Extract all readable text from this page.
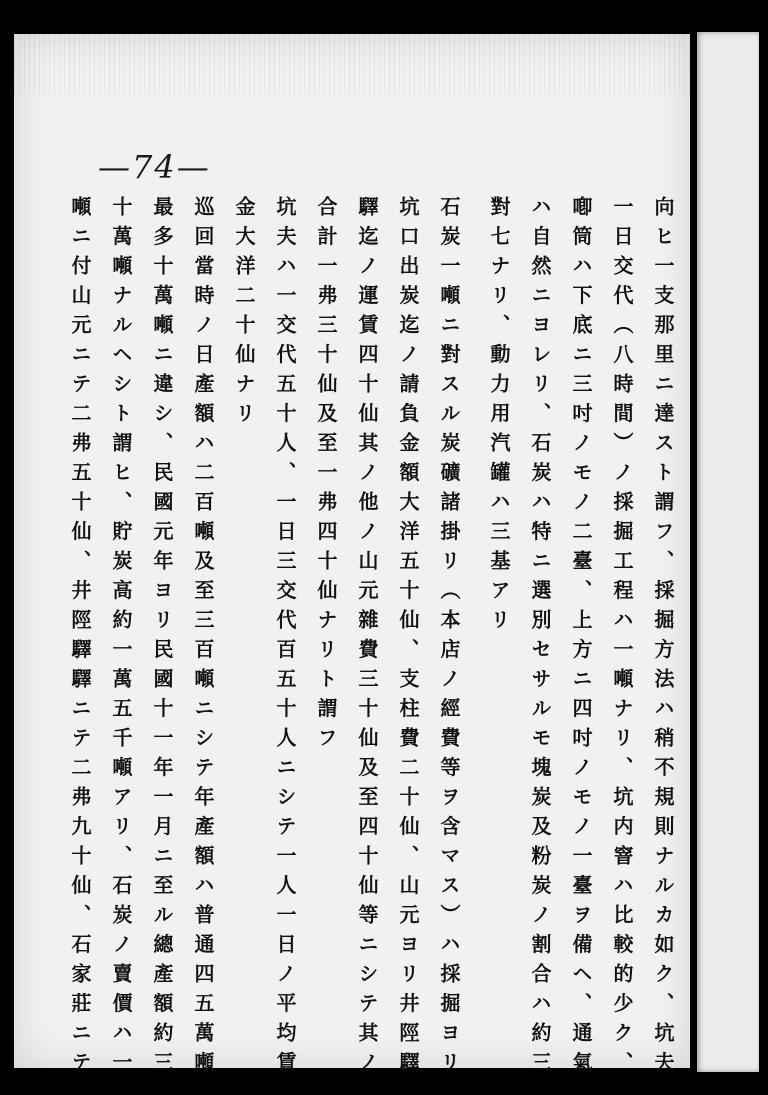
—74—
向ヒ一支那里ニ達スト謂フ、採掘方法ハ稍不規則ナルカ如ク、坑夫
一日交代（八時間）ノ採掘工程ハ一噸ナリ、坑内窨ハ比較的少ク、
喞筒ハ下底ニ三吋ノモノ二臺、上方ニ四吋ノモノ一臺ヲ備ヘ、通氣
ハ自然ニヨレリ、石炭ハ特ニ選別セサルモ塊炭及粉炭ノ割合ハ約三
對七ナリ、動力用汽罐ハ三基アリ
石炭一噸ニ對スル炭礦諸掛リ（本店ノ經費等ヲ含マス）ハ採掘ヨリ
坑口出炭迄ノ請負金額大洋五十仙、支柱費二十仙、山元ヨリ井陘驛
驛迄ノ運賃四十仙其ノ他ノ山元雜費三十仙及至四十仙等ニシテ其ノ
合計一弗三十仙及至一弗四十仙ナリト謂フ
坑夫ハ一交代五十人、一日三交代百五十人ニシテ一人一日ノ平均賃
金大洋二十仙ナリ
巡回當時ノ日產額ハ二百噸及至三百噸ニシテ年產額ハ普通四五萬噸
最多十萬噸ニ違シ、民國元年ヨリ民國十一年一月ニ至ル總產額約三
十萬噸ナルヘシト謂ヒ、貯炭高約一萬五千噸アリ、石炭ノ賣價ハ一
噸ニ付山元ニテ二弗五十仙、井陘驛驛ニテ二弗九十仙、石家莊ニテ
